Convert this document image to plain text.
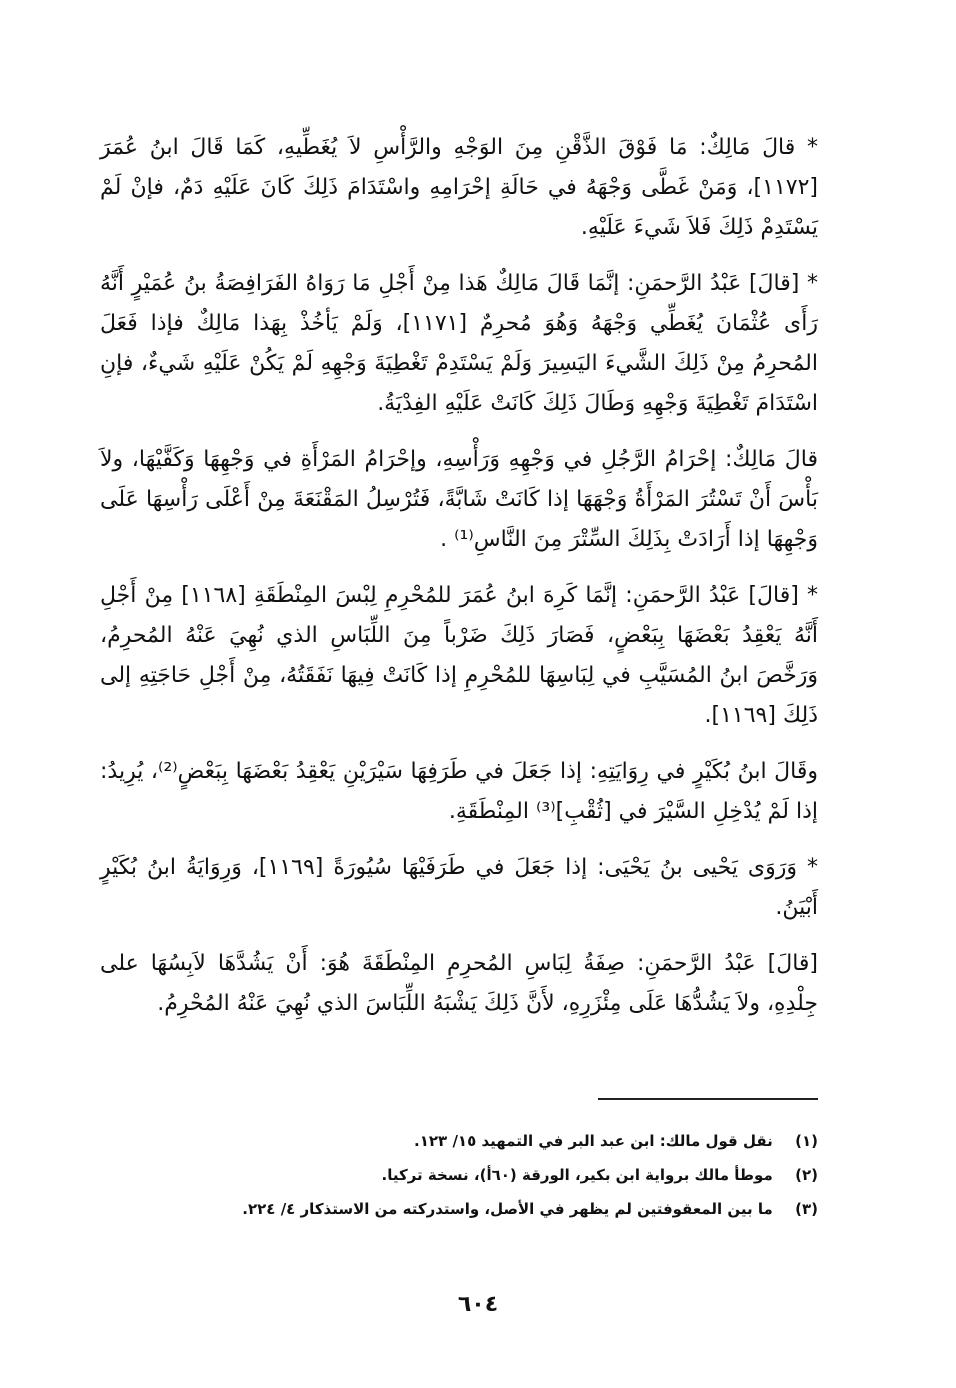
* قالَ مَالِكٌ: مَا فَوْقَ الذَّقْنِ مِنَ الوَجْهِ والرَّأْسِ لاَ يُغَطِّيهِ، كَمَا قَالَ ابنُ عُمَرَ [١١٧٢]، وَمَنْ غَطَّى وَجْهَهُ في حَالَةِ إحْرَامِهِ واسْتَدَامَ ذَلِكَ كَانَ عَلَيْهِ دَمٌ، فإنْ لَمْ يَسْتَدِمْ ذَلِكَ فَلاَ شَيءَ عَلَيْهِ.

* [قالَ] عَبْدُ الرَّحمَنِ: إنَّمَا قَالَ مَالِكٌ هَذا مِنْ أَجْلِ مَا رَوَاهُ الفَرَافِصَةُ بنُ عُمَيْرٍ أَنَّهُ رَأَى عُثْمَانَ يُغَطِّي وَجْهَهُ وَهُوَ مُحرِمٌ [١١٧١]، وَلَمْ يَأخُذْ بِهَذا مَالِكٌ فإذا فَعَلَ المُحرِمُ مِنْ ذَلِكَ الشَّيءَ اليَسِيرَ وَلَمْ يَسْتَدِمْ تَغْطِيَةَ وَجْهِهِ لَمْ يَكُنْ عَلَيْهِ شَيءٌ، فإنِ اسْتَدَامَ تَغْطِيَةَ وَجْهِهِ وَطَالَ ذَلِكَ كَانَتْ عَلَيْهِ الفِدْيَةُ.

قالَ مَالِكٌ: إحْرَامُ الرَّجُلِ في وَجْهِهِ وَرَأْسِهِ، وإحْرَامُ المَرْأَةِ في وَجْهِهَا وَكَفَّيْهَا، ولاَ بَأْسَ أَنْ تَسْتُرَ المَرْأَةُ وَجْهَهَا إذا كَانَتْ شَابَّةً، فَتُرْسِلُ المَقْنَعَةَ مِنْ أَعْلَى رَأْسِهَا عَلَى وَجْهِهَا إذا أَرَادَتْ بِذَلِكَ السِّتْرَ مِنَ النَّاسِ⁽¹⁾ .

* [قالَ] عَبْدُ الرَّحمَنِ: إنَّمَا كَرِهَ ابنُ عُمَرَ للمُحْرِمِ لِبْسَ المِنْطَقَةِ [١١٦٨] مِنْ أَجْلِ أَنَّهُ يَعْقِدُ بَعْضَهَا بِبَعْضٍ، فَصَارَ ذَلِكَ ضَرْباً مِنَ اللِّبَاسِ الذي نُهِيَ عَنْهُ المُحرِمُ، وَرَخَّصَ ابنُ المُسَيَّبِ في لِبَاسِهَا للمُحْرِمِ إذا كَانَتْ فِيهَا نَفَقَتُهُ، مِنْ أَجْلِ حَاجَتِهِ إلى ذَلِكَ [١١٦٩].

وقَالَ ابنُ بُكَيْرٍ في رِوَايَتِهِ: إذا جَعَلَ في طَرَفِهَا سَيْرَيْنِ يَعْقِدُ بَعْضَهَا بِبَعْضٍ⁽²⁾، يُرِيدُ: إذا لَمْ يُدْخِلِ السَّيْرَ في [ثُقْبِ]⁽³⁾ المِنْطَقَةِ.

* وَرَوَى يَحْيى بنُ يَحْيَى: إذا جَعَلَ في طَرَفَيْهَا سُيُورَةً [١١٦٩]، وَرِوَايَةُ ابنُ بُكَيْرٍ أَبْيَنُ.

[قالَ] عَبْدُ الرَّحمَنِ: صِفَةُ لِبَاسِ المُحرِمِ المِنْطَقَةَ هُوَ: أَنْ يَشُدَّهَا لاَبِسُهَا على جِلْدِهِ، ولاَ يَشُدُّهَا عَلَى مِئْزَرِهِ، لأَنَّ ذَلِكَ يَشْبَهُ اللِّبَاسَ الذي نُهِيَ عَنْهُ المُحْرِمُ.

(١) نقل قول مالك: ابن عبد البر في التمهيد ١٥/ ١٢٣.
(٢) موطأ مالك برواية ابن بكير، الورقة (٦٠أ)، نسخة تركيا.
(٣) ما بين المعقوفتين لم يظهر في الأصل، واستدركته من الاستذكار ٤/ ٢٢٤.
٦٠٤
